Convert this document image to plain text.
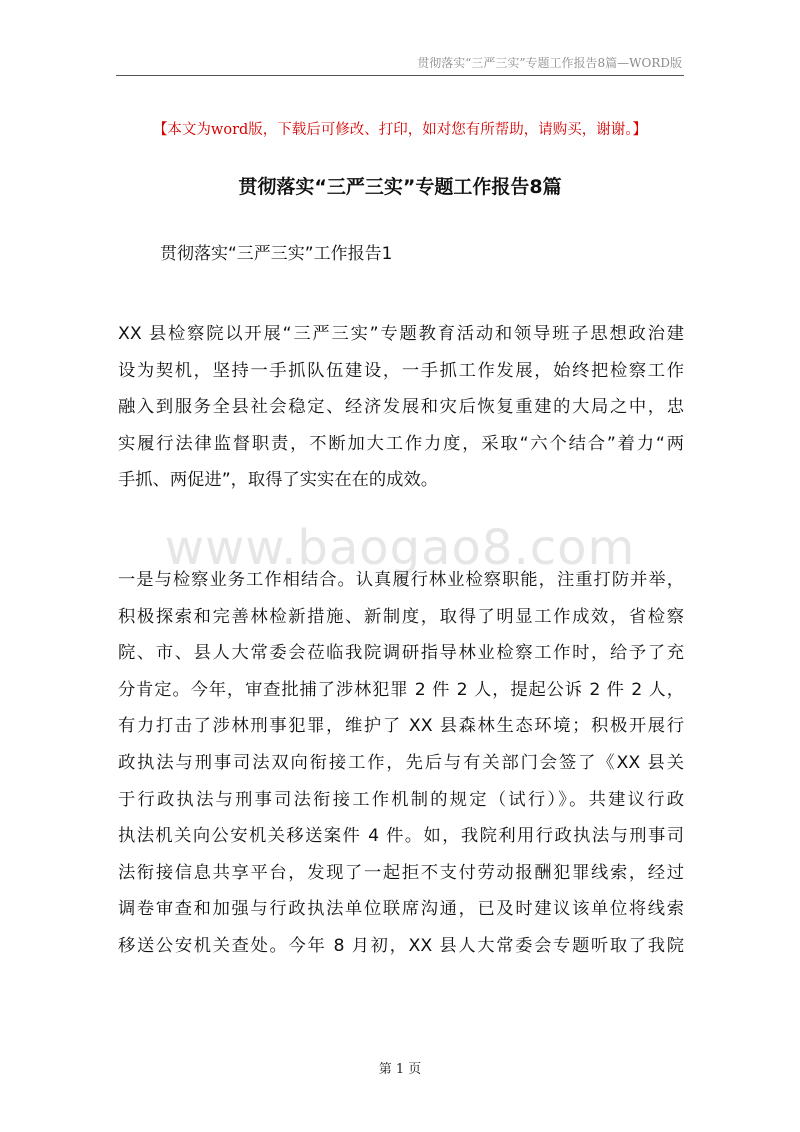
贯彻落实“三严三实”专题工作报告8篇—WORD版
【本文为word版，下载后可修改、打印，如对您有所帮助，请购买，谢谢。】
贯彻落实“三严三实”专题工作报告8篇
贯彻落实“三严三实”工作报告1

XX 县检察院以开展“三严三实”专题教育活动和领导班子思想政治建
设为契机，坚持一手抓队伍建设，一手抓工作发展，始终把检察工作
融入到服务全县社会稳定、经济发展和灾后恢复重建的大局之中，忠
实履行法律监督职责，不断加大工作力度，采取“六个结合”着力“两
手抓、两促进”，取得了实实在在的成效。

www.baogao8.com

一是与检察业务工作相结合。认真履行林业检察职能，注重打防并举，
积极探索和完善林检新措施、新制度，取得了明显工作成效，省检察
院、市、县人大常委会莅临我院调研指导林业检察工作时，给予了充
分肯定。今年，审查批捕了涉林犯罪 2 件 2 人，提起公诉 2 件 2 人，
有力打击了涉林刑事犯罪，维护了 XX 县森林生态环境；积极开展行
政执法与刑事司法双向衔接工作，先后与有关部门会签了《XX 县关
于行政执法与刑事司法衔接工作机制的规定（试行）》。共建议行政
执法机关向公安机关移送案件 4 件。如，我院利用行政执法与刑事司
法衔接信息共享平台，发现了一起拒不支付劳动报酬犯罪线索，经过
调卷审查和加强与行政执法单位联席沟通，已及时建议该单位将线索
移送公安机关查处。今年 8 月初，XX 县人大常委会专题听取了我院

第 1 页
